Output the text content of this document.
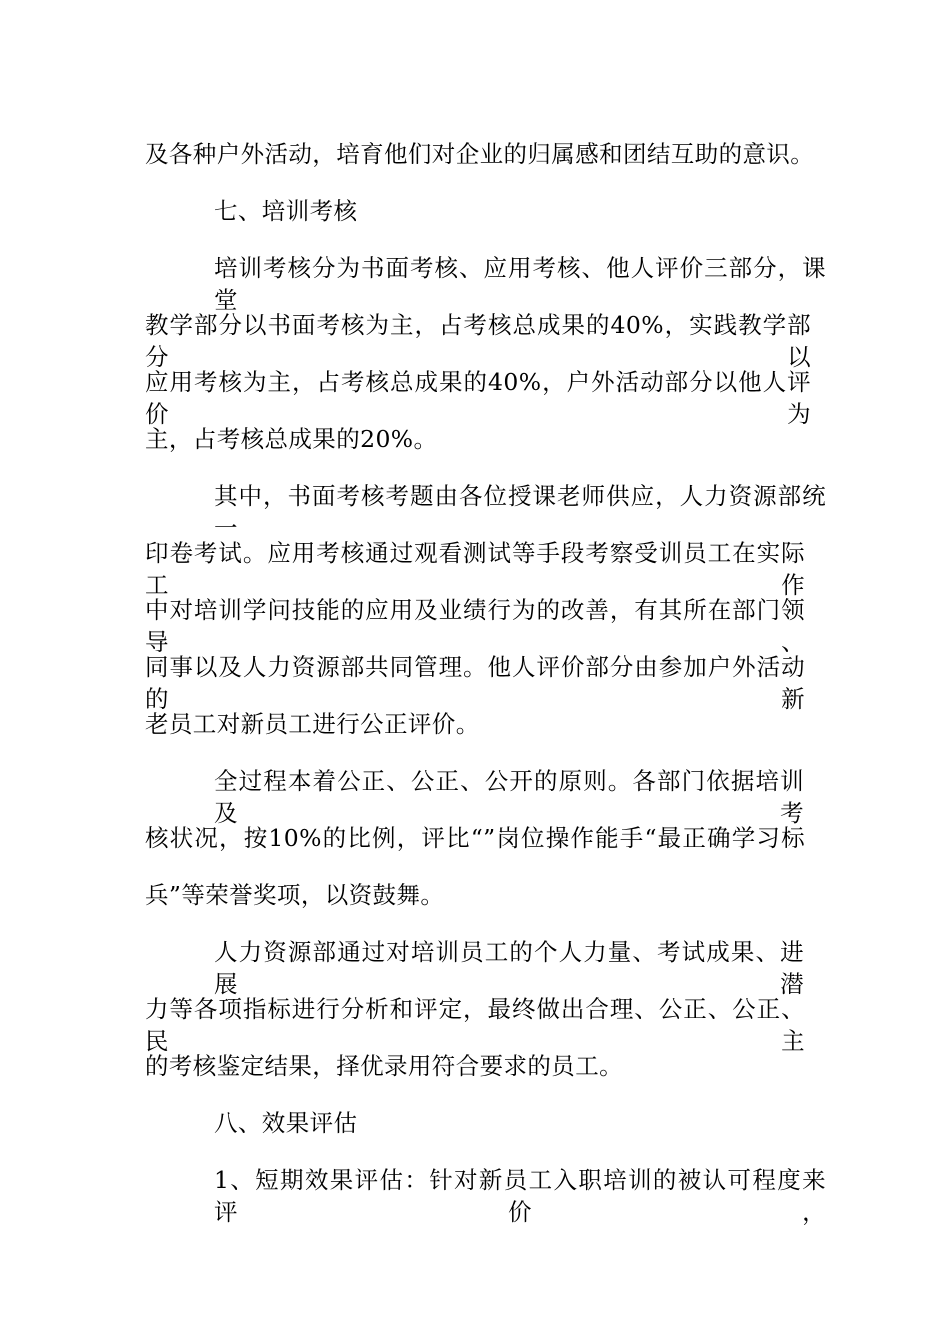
及各种户外活动，培育他们对企业的归属感和团结互助的意识。
七、培训考核
培训考核分为书面考核、应用考核、他人评价三部分，课堂
教学部分以书面考核为主，占考核总成果的40%，实践教学部分以
应用考核为主，占考核总成果的40%，户外活动部分以他人评价为
主，占考核总成果的20%。
其中，书面考核考题由各位授课老师供应，人力资源部统一
印卷考试。应用考核通过观看测试等手段考察受训员工在实际工作
中对培训学问技能的应用及业绩行为的改善，有其所在部门领导、
同事以及人力资源部共同管理。他人评价部分由参加户外活动的新
老员工对新员工进行公正评价。
全过程本着公正、公正、公开的原则。各部门依据培训及考
核状况，按10%的比例，评比“”岗位操作能手“最正确学习标
兵”等荣誉奖项，以资鼓舞。
人力资源部通过对培训员工的个人力量、考试成果、进展潜
力等各项指标进行分析和评定，最终做出合理、公正、公正、民主
的考核鉴定结果，择优录用符合要求的员工。
八、效果评估
1、短期效果评估：针对新员工入职培训的被认可程度来评价，
